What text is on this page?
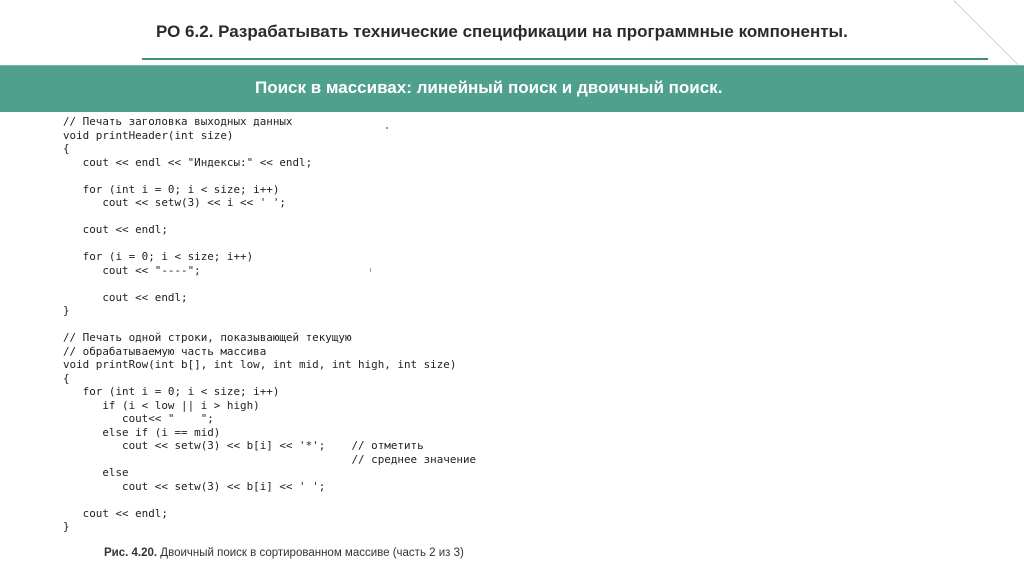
РО 6.2. Разрабатывать технические спецификации на программные компоненты.
Поиск в массивах: линейный поиск и двоичный поиск.
// Печать заголовка выходных данных
void printHeader(int size)
{
cout << endl << "Индексы:" << endl;

for (int i = 0; i < size; i++)
cout << setw(3) << i << ' ';

cout << endl;

for (i = 0; i < size; i++)
cout << "----";

cout << endl;
}

// Печать одной строки, показывающей текущую
// обрабатываемую часть массива
void printRow(int b[], int low, int mid, int high, int size)
{
for (int i = 0; i < size; i++)
if (i < low || i > high)
cout<< "    ";
else if (i == mid)
cout << setw(3) << b[i] << '*';    // отметить
// среднее значение
else
cout << setw(3) << b[i] << ' ';

cout << endl;
}
Рис. 4.20. Двоичный поиск в сортированном массиве (часть 2 из 3)
